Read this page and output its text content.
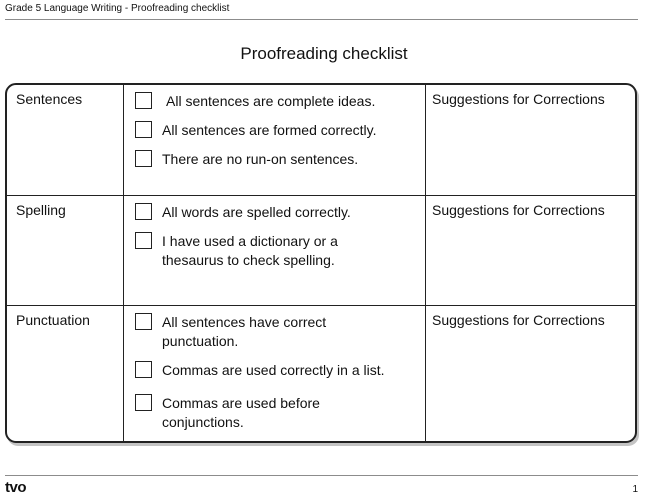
Grade 5 Language Writing - Proofreading checklist
Proofreading checklist
Sentences	All sentences are complete ideas.
All sentences are formed correctly.
There are no run-on sentences.
Suggestions for Corrections
Spelling	All words are spelled correctly.
I have used a dictionary or a thesaurus to check spelling.
Suggestions for Corrections
Punctuation	All sentences have correct punctuation.
Commas are used correctly in a list.
Commas are used before conjunctions.
Suggestions for Corrections
tvo	1
